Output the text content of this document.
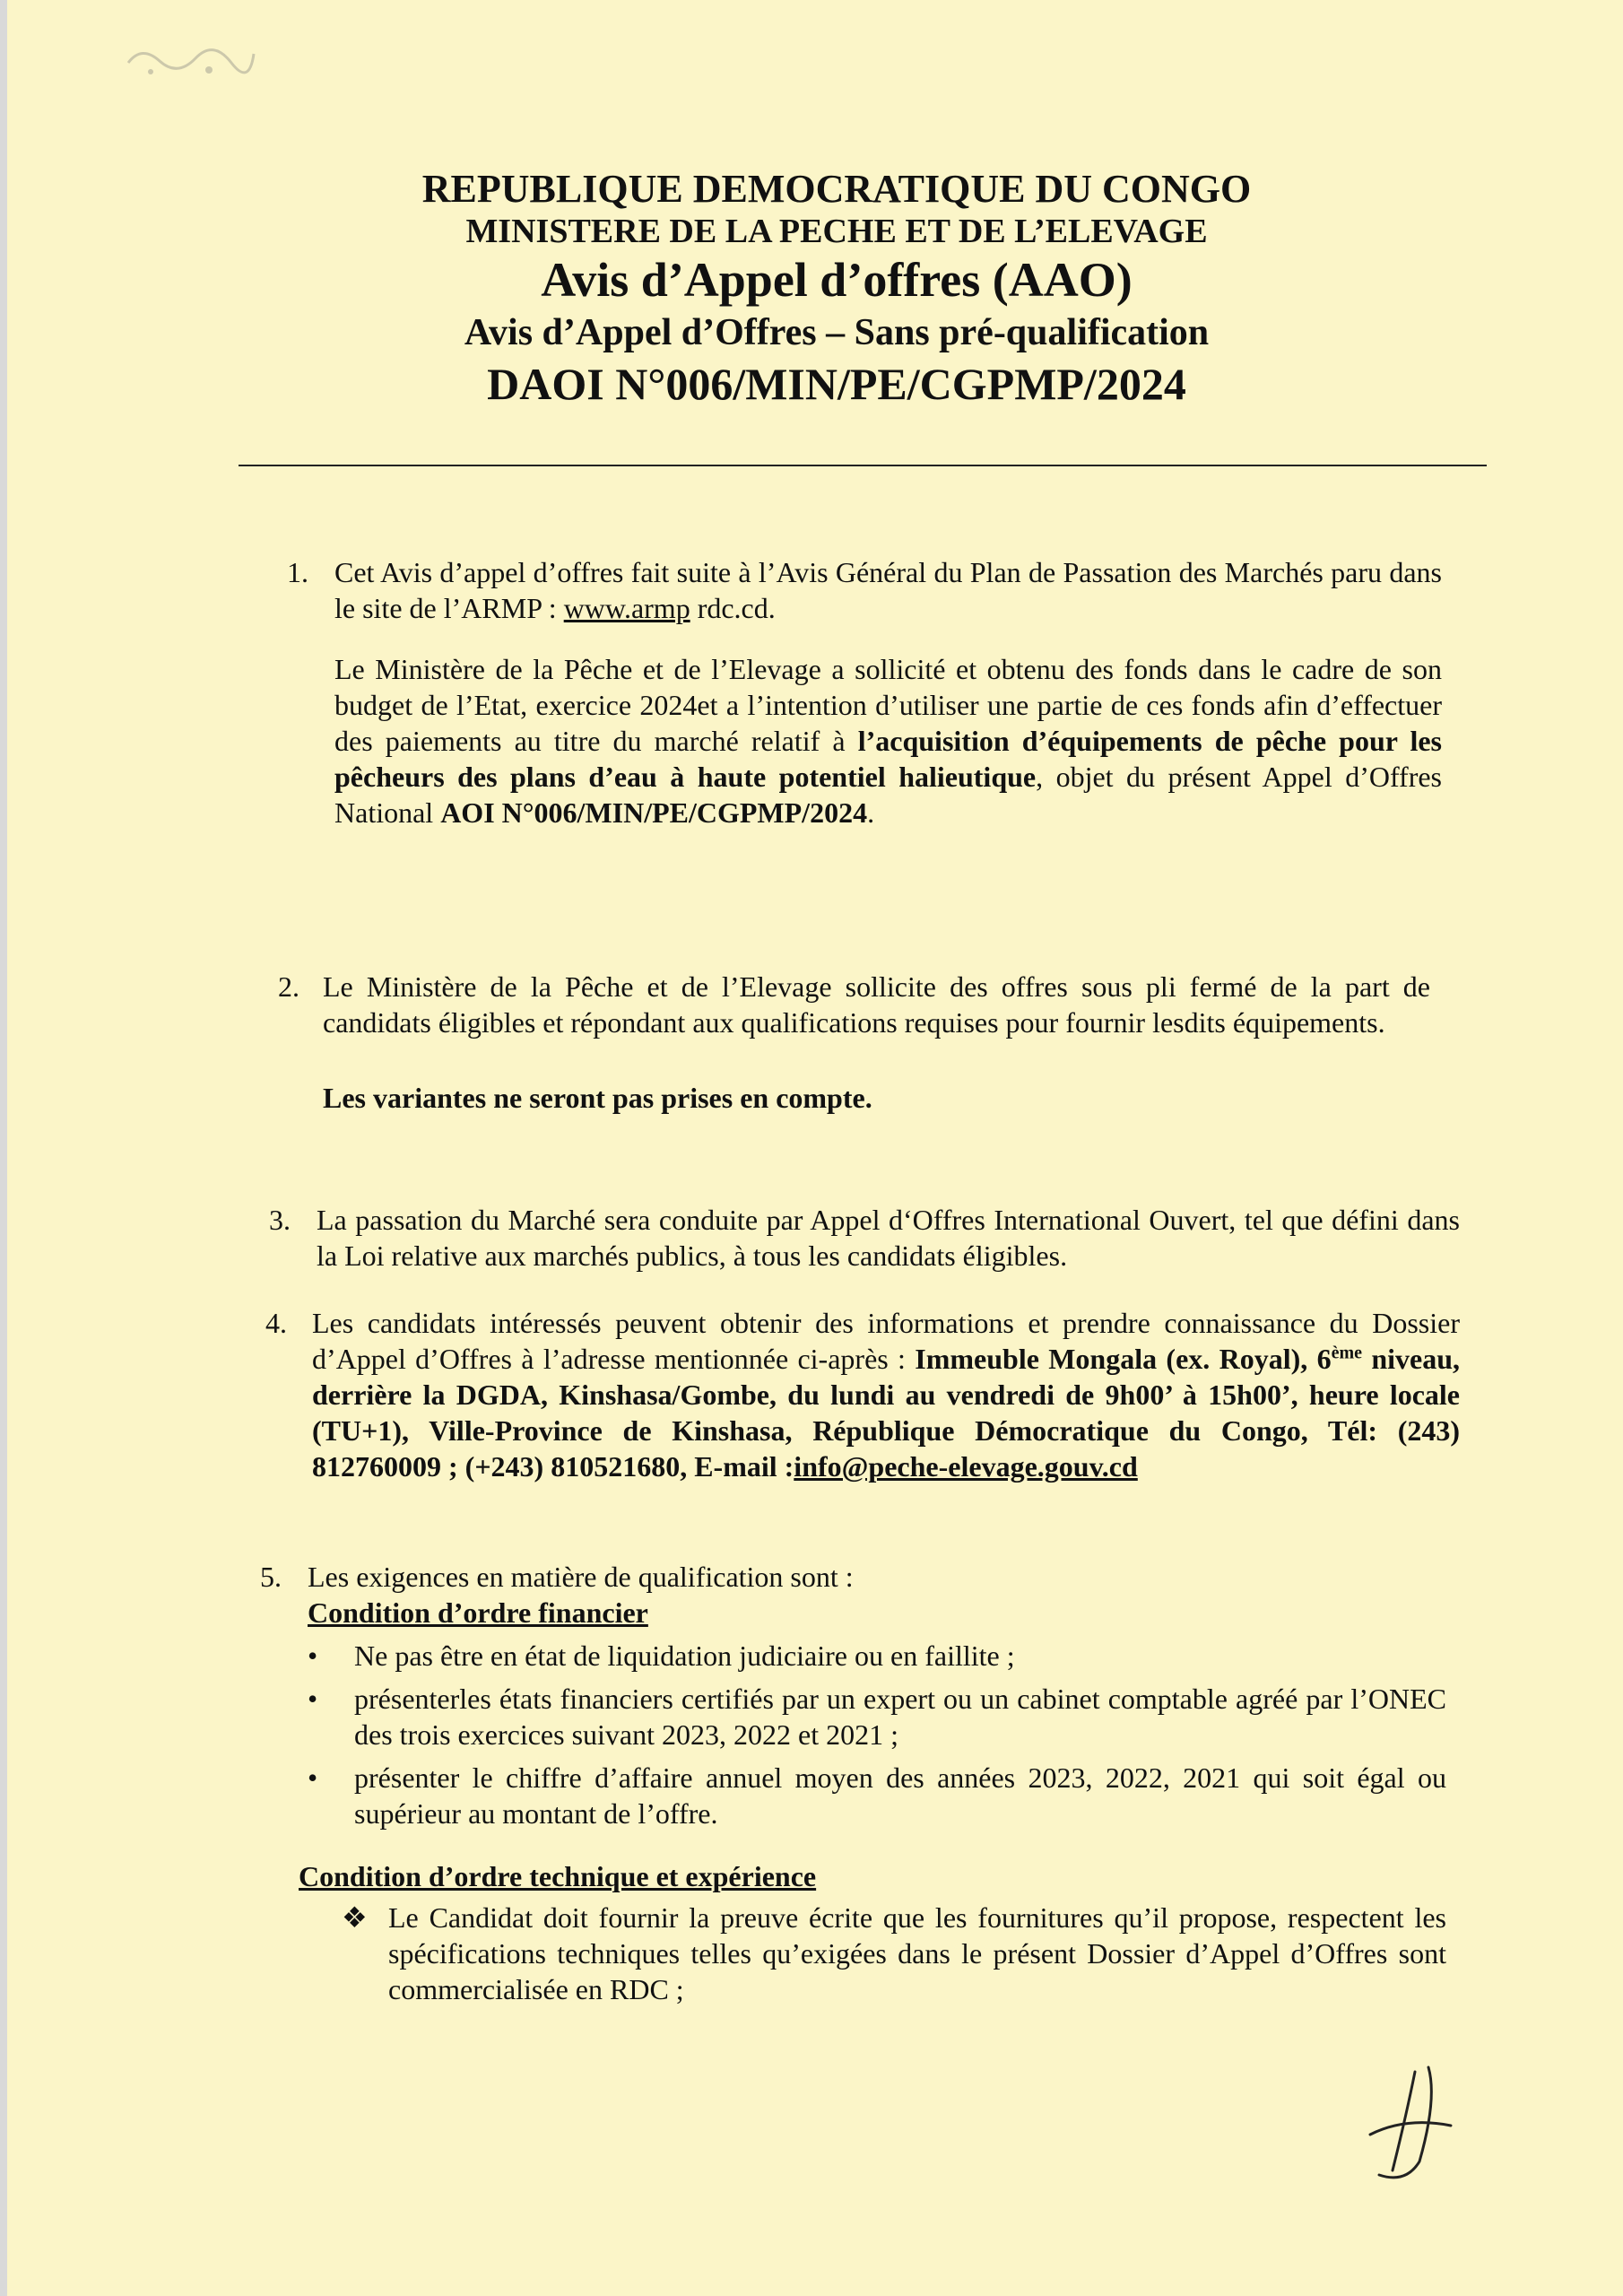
REPUBLIQUE DEMOCRATIQUE DU CONGO
MINISTERE DE LA PECHE ET DE L’ELEVAGE
Avis d’Appel d’offres (AAO)
Avis d’Appel d’Offres – Sans pré-qualification
DAOI N°006/MIN/PE/CGPMP/2024
1. Cet Avis d’appel d’offres fait suite à l’Avis Général du Plan de Passation des Marchés paru dans le site de l’ARMP : www.armp rdc.cd.
Le Ministère de la Pêche et de l’Elevage a sollicité et obtenu des fonds dans le cadre de son budget de l’Etat, exercice 2024et a l’intention d’utiliser une partie de ces fonds afin d’effectuer des paiements au titre du marché relatif à l’acquisition d’équipements de pêche pour les pêcheurs des plans d’eau à haute potentiel halieutique, objet du présent Appel d’Offres National AOI N°006/MIN/PE/CGPMP/2024.
2. Le Ministère de la Pêche et de l’Elevage sollicite des offres sous pli fermé de la part de candidats éligibles et répondant aux qualifications requises pour fournir lesdits équipements.
Les variantes ne seront pas prises en compte.
3. La passation du Marché sera conduite par Appel d‘Offres International Ouvert, tel que défini dans la Loi relative aux marchés publics, à tous les candidats éligibles.
4. Les candidats intéressés peuvent obtenir des informations et prendre connaissance du Dossier d’Appel d’Offres à l’adresse mentionnée ci-après : Immeuble Mongala (ex. Royal), 6ème niveau, derrière la DGDA, Kinshasa/Gombe, du lundi au vendredi de 9h00’ à 15h00’, heure locale (TU+1), Ville-Province de Kinshasa, République Démocratique du Congo, Tél: (243) 812760009 ; (+243) 810521680, E-mail :info@peche-elevage.gouv.cd
5. Les exigences en matière de qualification sont :
Condition d’ordre financier
• Ne pas être en état de liquidation judiciaire ou en faillite ;
• présenterles états financiers certifiés par un expert ou un cabinet comptable agréé par l’ONEC des trois exercices suivant 2023, 2022 et 2021 ;
• présenter le chiffre d’affaire annuel moyen des années 2023, 2022, 2021 qui soit égal ou supérieur au montant de l’offre.
Condition d’ordre technique et expérience
❖ Le Candidat doit fournir la preuve écrite que les fournitures qu’il propose, respectent les spécifications techniques telles qu’exigées dans le présent Dossier d’Appel d’Offres sont commercialisée en RDC ;
